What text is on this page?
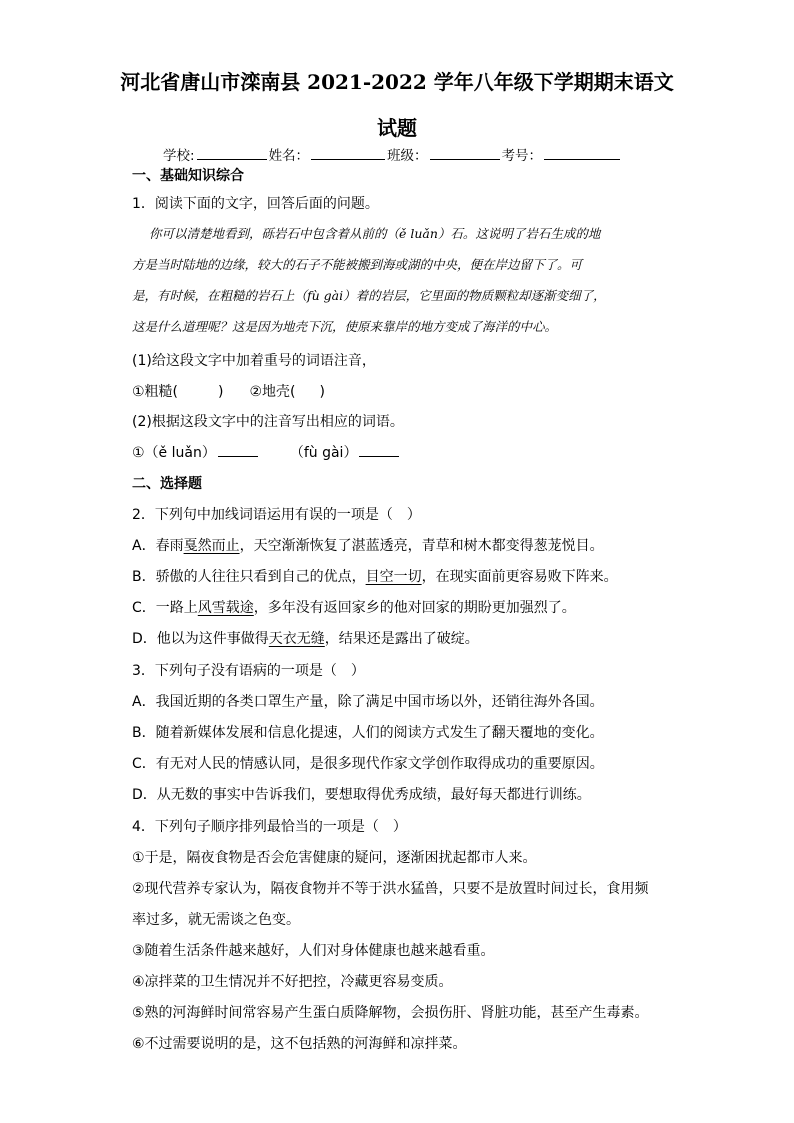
河北省唐山市滦南县 2021-2022 学年八年级下学期期末语文
试题
学校:	姓名：	班级：	考号：
一、基础知识综合
1．阅读下面的文字，回答后面的问题。
你可以清楚地看到，砾岩石中包含着从前的（ě luǎn）石。这说明了岩石生成的地
方是当时陆地的边缘，较大的石子不能被搬到海或湖的中央，便在岸边留下了。可
是，有时候，在粗糙的岩石上（fù gài）着的岩层，它里面的物质颗粒却逐渐变细了，
这是什么道理呢？这是因为地壳下沉，使原来靠岸的地方变成了海洋的中心。
(1)给这段文字中加着重号的词语注音，
①粗糙(	) ②地壳( )
(2)根据这段文字中的注音写出相应的词语。
①（ě luǎn）	（fù gài）
二、选择题
2．下列句中加线词语运用有误的一项是（　）
A．春雨戛然而止，天空渐渐恢复了湛蓝透亮，青草和树木都变得葱茏悦目。
B．骄傲的人往往只看到自己的优点，目空一切，在现实面前更容易败下阵来。
C．一路上风雪载途，多年没有返回家乡的他对回家的期盼更加强烈了。
D．他以为这件事做得天衣无缝，结果还是露出了破绽。
3．下列句子没有语病的一项是（　）
A．我国近期的各类口罩生产量，除了满足中国市场以外，还销往海外各国。
B．随着新媒体发展和信息化提速，人们的阅读方式发生了翻天覆地的变化。
C．有无对人民的情感认同，是很多现代作家文学创作取得成功的重要原因。
D．从无数的事实中告诉我们，要想取得优秀成绩，最好每天都进行训练。
4．下列句子顺序排列最恰当的一项是（　）
①于是，隔夜食物是否会危害健康的疑问，逐渐困扰起都市人来。
②现代营养专家认为，隔夜食物并不等于洪水猛兽，只要不是放置时间过长，食用频
率过多，就无需谈之色变。
③随着生活条件越来越好，人们对身体健康也越来越看重。
④凉拌菜的卫生情况并不好把控，冷藏更容易变质。
⑤熟的河海鲜时间常容易产生蛋白质降解物，会损伤肝、肾脏功能，甚至产生毒素。
⑥不过需要说明的是，这不包括熟的河海鲜和凉拌菜。
